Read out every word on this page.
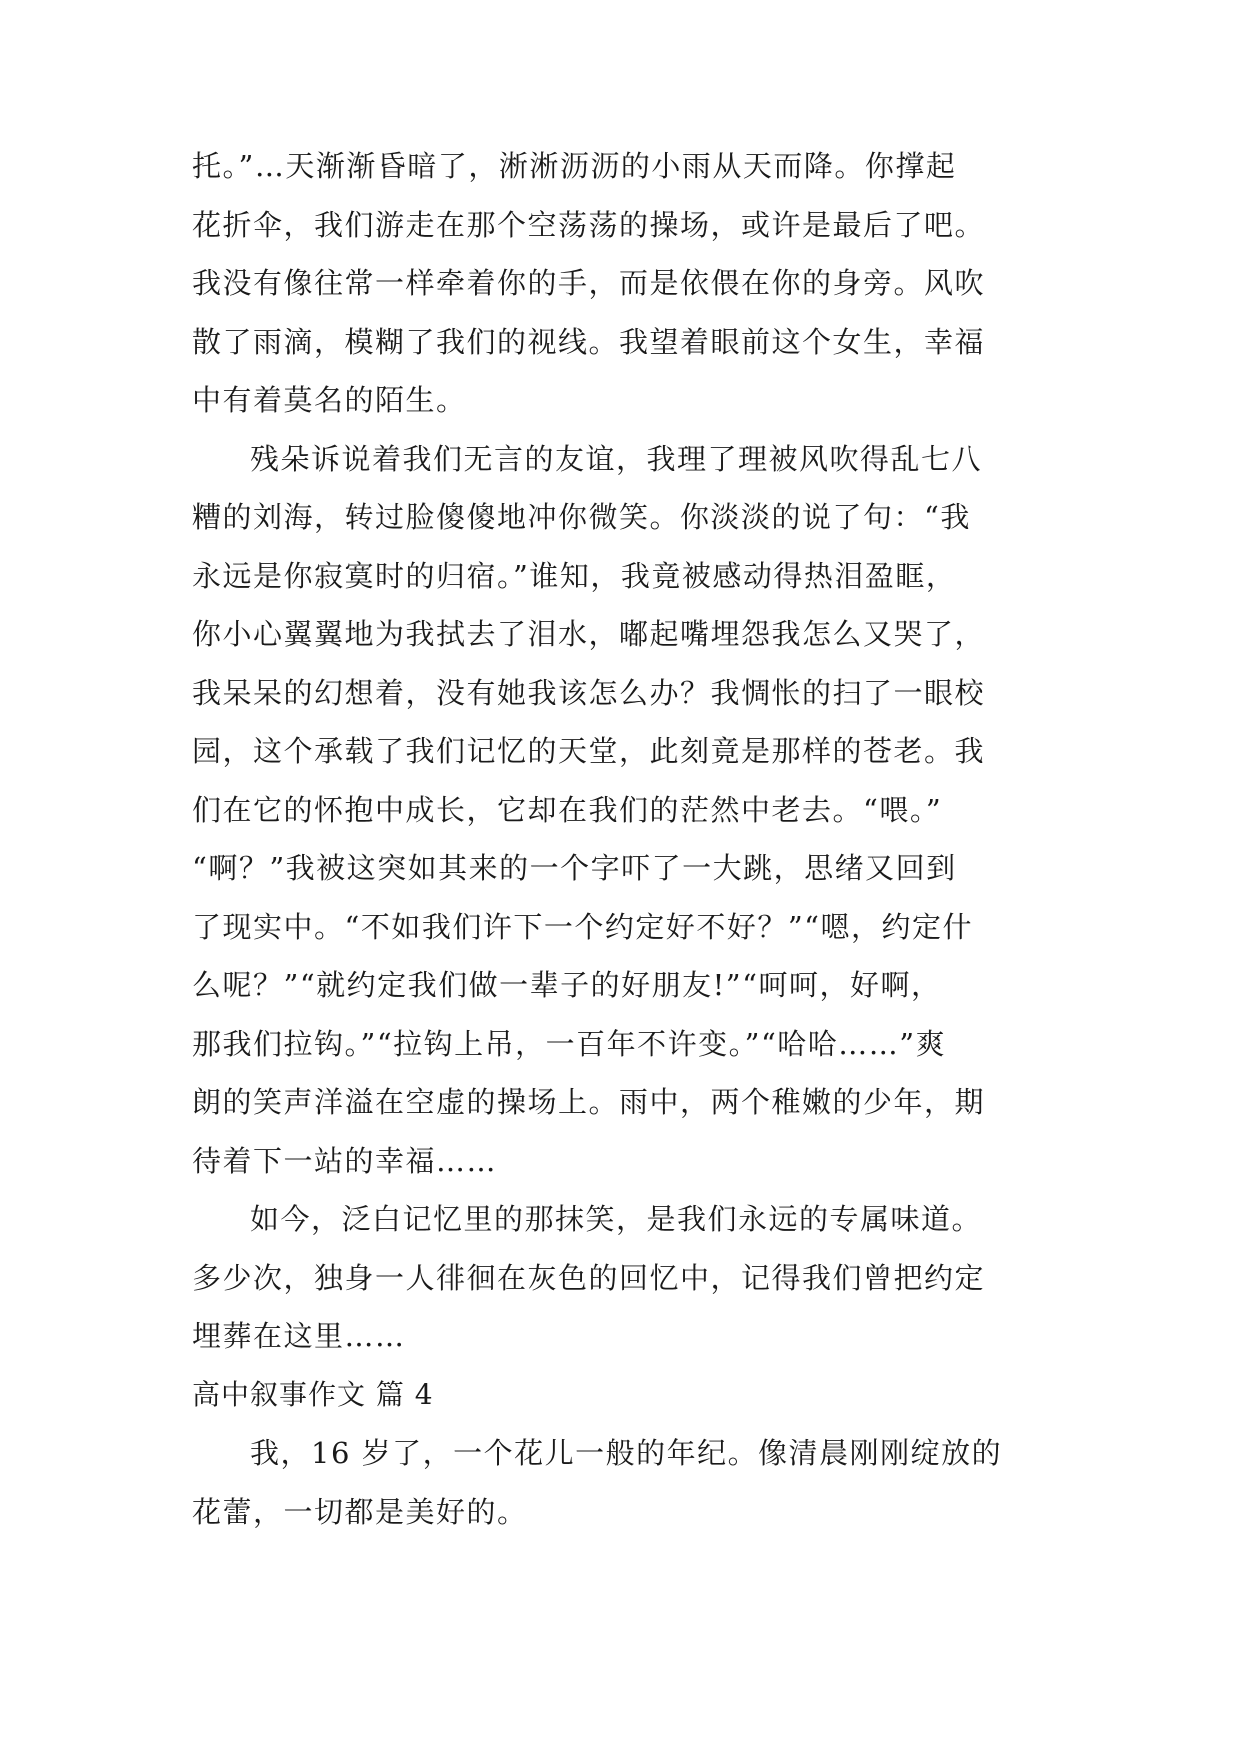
托。”…天渐渐昏暗了，淅淅沥沥的小雨从天而降。你撑起
花折伞，我们游走在那个空荡荡的操场，或许是最后了吧。
我没有像往常一样牵着你的手，而是依偎在你的身旁。风吹
散了雨滴，模糊了我们的视线。我望着眼前这个女生，幸福
中有着莫名的陌生。
残朵诉说着我们无言的友谊，我理了理被风吹得乱七八
糟的刘海，转过脸傻傻地冲你微笑。你淡淡的说了句：“我
永远是你寂寞时的归宿。”谁知，我竟被感动得热泪盈眶，
你小心翼翼地为我拭去了泪水，嘟起嘴埋怨我怎么又哭了，
我呆呆的幻想着，没有她我该怎么办？我惆怅的扫了一眼校
园，这个承载了我们记忆的天堂，此刻竟是那样的苍老。我
们在它的怀抱中成长，它却在我们的茫然中老去。“喂。”
“啊？”我被这突如其来的一个字吓了一大跳，思绪又回到
了现实中。“不如我们许下一个约定好不好？”“嗯，约定什
么呢？”“就约定我们做一辈子的好朋友!”“呵呵，好啊，
那我们拉钩。”“拉钩上吊，一百年不许变。”“哈哈……”爽
朗的笑声洋溢在空虚的操场上。雨中，两个稚嫩的少年，期
待着下一站的幸福……
如今，泛白记忆里的那抹笑，是我们永远的专属味道。
多少次，独身一人徘徊在灰色的回忆中，记得我们曾把约定
埋葬在这里……
高中叙事作文 篇 4
我，16 岁了，一个花儿一般的年纪。像清晨刚刚绽放的
花蕾，一切都是美好的。
